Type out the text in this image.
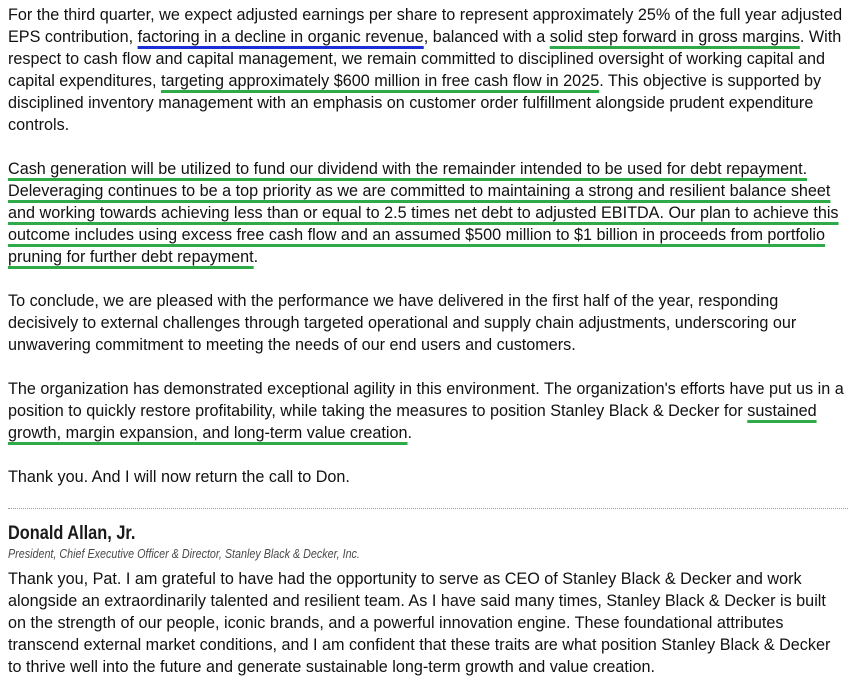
For the third quarter, we expect adjusted earnings per share to represent approximately 25% of the full year adjusted EPS contribution, factoring in a decline in organic revenue, balanced with a solid step forward in gross margins. With respect to cash flow and capital management, we remain committed to disciplined oversight of working capital and capital expenditures, targeting approximately $600 million in free cash flow in 2025. This objective is supported by disciplined inventory management with an emphasis on customer order fulfillment alongside prudent expenditure controls.

Cash generation will be utilized to fund our dividend with the remainder intended to be used for debt repayment. Deleveraging continues to be a top priority as we are committed to maintaining a strong and resilient balance sheet and working towards achieving less than or equal to 2.5 times net debt to adjusted EBITDA. Our plan to achieve this outcome includes using excess free cash flow and an assumed $500 million to $1 billion in proceeds from portfolio pruning for further debt repayment.

To conclude, we are pleased with the performance we have delivered in the first half of the year, responding decisively to external challenges through targeted operational and supply chain adjustments, underscoring our unwavering commitment to meeting the needs of our end users and customers.

The organization has demonstrated exceptional agility in this environment. The organization's efforts have put us in a position to quickly restore profitability, while taking the measures to position Stanley Black & Decker for sustained growth, margin expansion, and long-term value creation.

Thank you. And I will now return the call to Don.

Donald Allan, Jr.
President, Chief Executive Officer & Director, Stanley Black & Decker, Inc.

Thank you, Pat. I am grateful to have had the opportunity to serve as CEO of Stanley Black & Decker and work alongside an extraordinarily talented and resilient team. As I have said many times, Stanley Black & Decker is built on the strength of our people, iconic brands, and a powerful innovation engine. These foundational attributes transcend external market conditions, and I am confident that these traits are what position Stanley Black & Decker to thrive well into the future and generate sustainable long-term growth and value creation.
